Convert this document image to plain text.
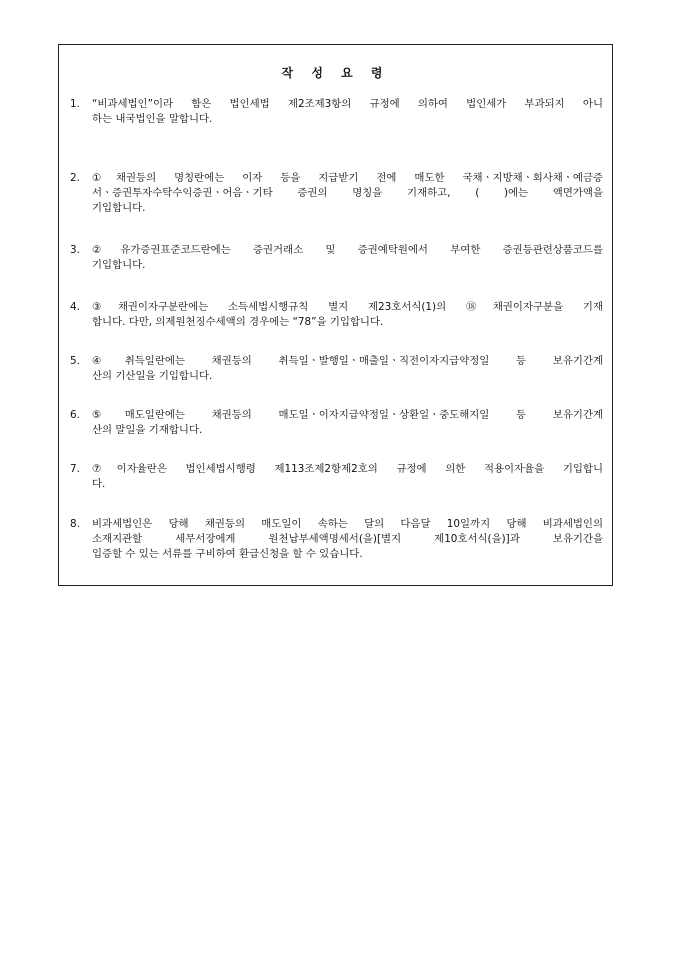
작 성 요 령
1.	“비과세법인”이라 함은 법인세법 제2조제3항의 규정에 의하여 법인세가 부과되지 아니
하는 내국법인을 말합니다.
2.	①채권등의 명칭란에는 이자 등을 지급받기 전에 매도한 국채ㆍ지방채ㆍ회사채ㆍ예금증
서ㆍ증권투자수탁수익증권ㆍ어음ㆍ기타 증권의 명칭을 기재하고, ( )에는 액면가액을
기입합니다.
3.	②유가증권표준코드란에는 증권거래소 및 증권예탁원에서 부여한 증권등관련상품코드를
기입합니다.
4.	③채권이자구분란에는 소득세법시행규칙 별지 제23호서식(1)의 ⑱채권이자구분을 기재
합니다. 다만, 의제원천징수세액의 경우에는 “78”을 기입합니다.
5.	④취득일란에는 채권등의 취득일ㆍ발행일ㆍ매출일ㆍ직전이자지급약정일 등 보유기간계
산의 기산일을 기입합니다.
6.	⑤매도일란에는 채권등의 매도일ㆍ이자지급약정일ㆍ상환일ㆍ중도해지일 등 보유기간계
산의 말일을 기재합니다.
7.	⑦이자율란은 법인세법시행령 제113조제2항제2호의 규정에 의한 적용이자율을 기입합니
다.
8.	비과세법인은 당해 채권등의 매도일이 속하는 달의 다음달 10일까지 당해 비과세법인의
소재지관할 세무서장에게 원천납부세액명세서(을)[별지 제10호서식(을)]과 보유기간을
입증할 수 있는 서류를 구비하여 환급신청을 할 수 있습니다.
